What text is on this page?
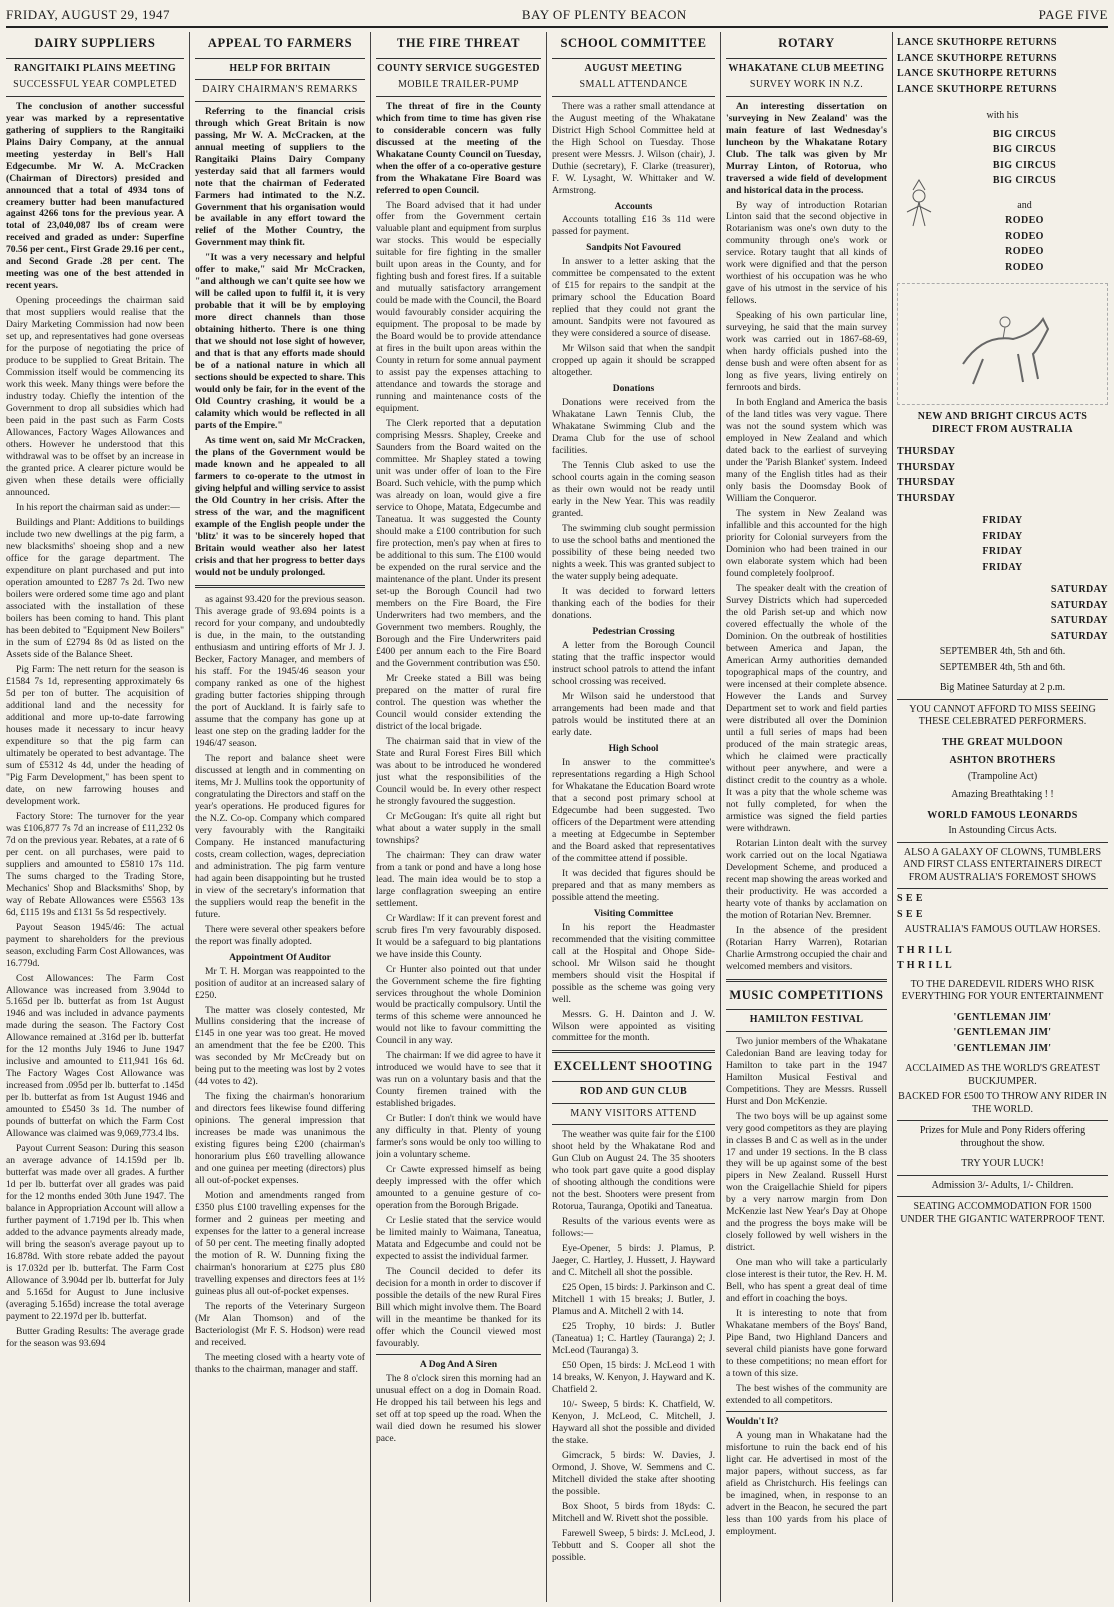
FRIDAY, AUGUST 29, 1947	BAY OF PLENTY BEACON	PAGE FIVE
DAIRY SUPPLIERS
RANGITAIKI PLAINS MEETING
SUCCESSFUL YEAR COMPLETED

The conclusion of another successful year was marked by a representative gathering of suppliers to the Rangitaiki Plains Dairy Company, at the annual meeting yesterday in Bell's Hall Edgecumbe. Mr W. A. McCracken (Chairman of Directors) presided and announced that a total of 4934 tons of creamery butter had been manufactured against 4266 tons for the previous year. A total of 23,040,087 lbs of cream were received and graded as under: Superfine 70.56 per cent., First Grade 29.16 per cent., and Second Grade .28 per cent. The meeting was one of the best attended in recent years.

Opening proceedings the chairman said that most suppliers would realise that the Dairy Marketing Commission had now been set up, and representatives had gone overseas for the purpose of negotiating the price of produce to be supplied to Great Britain. The Commission itself would be commencing its work this week. Many things were before the industry today. Chiefly the intention of the Government to drop all subsidies which had been paid in the past such as Farm Costs Allowances, Factory Wages Allowances and others. However he understood that this withdrawal was to be offset by an increase in the granted price. A clearer picture would be given when these details were officially announced.

In his report the chairman said as under:—

Buildings and Plant: Additions to buildings include two new dwellings at the pig farm, a new blacksmiths' shoeing shop and a new office for the garage department. The expenditure on plant purchased and put into operation amounted to £287 7s 2d. Two new boilers were ordered some time ago and plant associated with the installation of these boilers has been coming to hand. This plant has been debited to "Equipment New Boilers" in the sum of £2794 8s 0d as listed on the Assets side of the Balance Sheet.

Pig Farm: The nett return for the season is £1584 7s 1d, representing approximately 6s 5d per ton of butter. The acquisition of additional land and the necessity for additional and more up-to-date farrowing houses made it necessary to incur heavy expenditure so that the pig farm can ultimately be operated to best advantage. The sum of £5312 4s 4d, under the heading of "Pig Farm Development," has been spent to date, on new farrowing houses and development work.

Factory Store: The turnover for the year was £106,877 7s 7d an increase of £11,232 0s 7d on the previous year. Rebates, at a rate of 6 per cent. on all purchases, were paid to suppliers and amounted to £5810 17s 11d. The sums charged to the Trading Store, Mechanics' Shop and Blacksmiths' Shop, by way of Rebate Allowances were £5563 13s 6d, £115 19s and £131 5s 5d respectively.

Payout Season 1945/46: The actual payment to shareholders for the previous season, excluding Farm Cost Allowances, was 16.779d.

Cost Allowances: The Farm Cost Allowance was increased from 3.904d to 5.165d per lb. butterfat as from 1st August 1946 and was included in advance payments made during the season. The Factory Cost Allowance remained at .316d per lb. butterfat for the 12 months July 1946 to June 1947 inclusive and amounted to £11,941 16s 6d. The Factory Wages Cost Allowance was increased from .095d per lb. butterfat to .145d per lb. butterfat as from 1st August 1946 and amounted to £5450 3s 1d. The number of pounds of butterfat on which the Farm Cost Allowance was claimed was 9,069,773.4 lbs.

Payout Current Season: During this season an average advance of 14.159d per lb. butterfat was made over all grades. A further 1d per lb. butterfat over all grades was paid for the 12 months ended 30th June 1947. The balance in Appropriation Account will allow a further payment of 1.719d per lb. This when added to the advance payments already made, will bring the season's average payout up to 16.878d. With store rebate added the payout is 17.032d per lb. butterfat. The Farm Cost Allowance of 3.904d per lb. butterfat for July and 5.165d for August to June inclusive (averaging 5.165d) increase the total average payment to 22.197d per lb. butterfat.

Butter Grading Results: The average grade for the season was 93.694

APPEAL TO FARMERS
HELP FOR BRITAIN
DAIRY CHAIRMAN'S REMARKS

Referring to the financial crisis through which Great Britain is now passing, Mr W. A. McCracken, at the annual meeting of suppliers to the Rangitaiki Plains Dairy Company yesterday said that all farmers would note that the chairman of Federated Farmers had intimated to the N.Z. Government that his organisation would be available in any effort toward the relief of the Mother Country, the Government may think fit.

"It was a very necessary and helpful offer to make," said Mr McCracken, "and although we can't quite see how we will be called upon to fulfil it, it is very probable that it will be by employing more direct channels than those obtaining hitherto. There is one thing that we should not lose sight of however, and that is that any efforts made should be of a national nature in which all sections should be expected to share. This would only be fair, for in the event of the Old Country crashing, it would be a calamity which would be reflected in all parts of the Empire."

As time went on, said Mr McCracken, the plans of the Government would be made known and he appealed to all farmers to co-operate to the utmost in giving helpful and willing service to assist the Old Country in her crisis. After the stress of the war, and the magnificent example of the English people under the 'blitz' it was to be sincerely hoped that Britain would weather also her latest crisis and that her progress to better days would not be unduly prolonged.

as against 93.420 for the previous season. This average grade of 93.694 points is a record for your company, and undoubtedly is due, in the main, to the outstanding enthusiasm and untiring efforts of Mr J. J. Becker, Factory Manager, and members of his staff. For the 1945/46 season your company ranked as one of the highest grading butter factories shipping through the port of Auckland. It is fairly safe to assume that the company has gone up at least one step on the grading ladder for the 1946/47 season.

The report and balance sheet were discussed at length and in commenting on items, Mr J. Mullins took the opportunity of congratulating the Directors and staff on the year's operations. He produced figures for the N.Z. Co-op. Company which compared very favourably with the Rangitaiki Company. He instanced manufacturing costs, cream collection, wages, depreciation and administration. The pig farm venture had again been disappointing but he trusted in view of the secretary's information that the suppliers would reap the benefit in the future.

There were several other speakers before the report was finally adopted.

Appointment Of Auditor

Mr T. H. Morgan was reappointed to the position of auditor at an increased salary of £250.

The matter was closely contested, Mr Mullins considering that the increase of £145 in one year was too great. He moved an amendment that the fee be £200. This was seconded by Mr McCready but on being put to the meeting was lost by 2 votes (44 votes to 42).

The fixing the chairman's honorarium and directors fees likewise found differing opinions. The general impression that increases be made was unanimous the existing figures being £200 (chairman's honorarium plus £60 travelling allowance and one guinea per meeting (directors) plus all out-of-pocket expenses.

Motion and amendments ranged from £350 plus £100 travelling expenses for the former and 2 guineas per meeting and expenses for the latter to a general increase of 50 per cent. The meeting finally adopted the motion of R. W. Dunning fixing the chairman's honorarium at £275 plus £80 travelling expenses and directors fees at 1½ guineas plus all out-of-pocket expenses.

The reports of the Veterinary Surgeon (Mr Alan Thomson) and of the Bacteriologist (Mr F. S. Hodson) were read and received.

The meeting closed with a hearty vote of thanks to the chairman, manager and staff.

THE FIRE THREAT
COUNTY SERVICE SUGGESTED
MOBILE TRAILER-PUMP

The threat of fire in the County which from time to time has given rise to considerable concern was fully discussed at the meeting of the Whakatane County Council on Tuesday, when the offer of a co-operative gesture from the Whakatane Fire Board was referred to open Council.

The Board advised that it had under offer from the Government certain valuable plant and equipment from surplus war stocks. This would be especially suitable for fire fighting in the smaller built upon areas in the County, and for fighting bush and forest fires. If a suitable and mutually satisfactory arrangement could be made with the Council, the Board would favourably consider acquiring the equipment. The proposal to be made by the Board would be to provide attendance at fires in the built upon areas within the County in return for some annual payment to assist pay the expenses attaching to attendance and towards the storage and running and maintenance costs of the equipment.

The Clerk reported that a deputation comprising Messrs. Shapley, Creeke and Saunders from the Board waited on the committee. Mr Shapley stated a towing unit was under offer of loan to the Fire Board. Such vehicle, with the pump which was already on loan, would give a fire service to Ohope, Matata, Edgecumbe and Taneatua. It was suggested the County should make a £100 contribution for such fire protection, men's pay when at fires to be additional to this sum. The £100 would be expended on the rural service and the maintenance of the plant. Under its present set-up the Borough Council had two members on the Fire Board, the Fire Underwriters had two members, and the Government two members. Roughly, the Borough and the Fire Underwriters paid £400 per annum each to the Fire Board and the Government contribution was £50.

Mr Creeke stated a Bill was being prepared on the matter of rural fire control. The question was whether the Council would consider extending the district of the local brigade.

The chairman said that in view of the State and Rural Forest Fires Bill which was about to be introduced he wondered just what the responsibilities of the Council would be. In every other respect he strongly favoured the suggestion.

Cr McGougan: It's quite all right but what about a water supply in the small townships?

The chairman: They can draw water from a tank or pond and have a long hose lead. The main idea would be to stop a large conflagration sweeping an entire settlement.

Cr Wardlaw: If it can prevent forest and scrub fires I'm very favourably disposed. It would be a safeguard to big plantations we have inside this County.

Cr Hunter also pointed out that under the Government scheme the fire fighting services throughout the whole Dominion would be practically compulsory. Until the terms of this scheme were announced he would not like to favour committing the Council in any way.

The chairman: If we did agree to have it introduced we would have to see that it was run on a voluntary basis and that the County firemen trained with the established brigades.

Cr Butler: I don't think we would have any difficulty in that. Plenty of young farmer's sons would be only too willing to join a voluntary scheme.

Cr Cawte expressed himself as being deeply impressed with the offer which amounted to a genuine gesture of co-operation from the Borough Brigade.

Cr Leslie stated that the service would be limited mainly to Waimana, Taneatua, Matata and Edgecumbe and could not be expected to assist the individual farmer.

The Council decided to defer its decision for a month in order to discover if possible the details of the new Rural Fires Bill which might involve them. The Board will in the meantime be thanked for its offer which the Council viewed most favourably.

A Dog And A Siren

The 8 o'clock siren this morning had an unusual effect on a dog in Domain Road. He dropped his tail between his legs and set off at top speed up the road. When the wail died down he resumed his slower pace.

SCHOOL COMMITTEE
AUGUST MEETING
SMALL ATTENDANCE

There was a rather small attendance at the August meeting of the Whakatane District High School Committee held at the High School on Tuesday. Those present were Messrs. J. Wilson (chair), J. Duthie (secretary), F. Clarke (treasurer), F. W. Lysaght, W. Whittaker and W. Armstrong.

Accounts

Accounts totalling £16 3s 11d were passed for payment.

Sandpits Not Favoured

In answer to a letter asking that the committee be compensated to the extent of £15 for repairs to the sandpit at the primary school the Education Board replied that they could not grant the amount. Sandpits were not favoured as they were considered a source of disease.

Mr Wilson said that when the sandpit cropped up again it should be scrapped altogether.

Donations

Donations were received from the Whakatane Lawn Tennis Club, the Whakatane Swimming Club and the Drama Club for the use of school facilities.

The Tennis Club asked to use the school courts again in the coming season as their own would not be ready until early in the New Year. This was readily granted.

The swimming club sought permission to use the school baths and mentioned the possibility of these being needed two nights a week. This was granted subject to the water supply being adequate.

It was decided to forward letters thanking each of the bodies for their donations.

Pedestrian Crossing

A letter from the Borough Council stating that the traffic inspector would instruct school patrols to attend the infant school crossing was received.

Mr Wilson said he understood that arrangements had been made and that patrols would be instituted there at an early date.

High School

In answer to the committee's representations regarding a High School for Whakatane the Education Board wrote that a second post primary school at Edgecumbe had been suggested. Two officers of the Department were attending a meeting at Edgecumbe in September and the Board asked that representatives of the committee attend if possible.

It was decided that figures should be prepared and that as many members as possible attend the meeting.

Visiting Committee

In his report the Headmaster recommended that the visiting committee call at the Hospital and Ohope Side-school. Mr Wilson said he thought members should visit the Hospital if possible as the scheme was going very well.

Messrs. G. H. Dainton and J. W. Wilson were appointed as visiting committee for the month.

EXCELLENT SHOOTING
ROD AND GUN CLUB
MANY VISITORS ATTEND

The weather was quite fair for the £100 shoot held by the Whakatane Rod and Gun Club on August 24. The 35 shooters who took part gave quite a good display of shooting although the conditions were not the best. Shooters were present from Rotorua, Tauranga, Opotiki and Taneatua.

Results of the various events were as follows:—

Eye-Opener, 5 birds: J. Plamus, P. Jaeger, C. Hartley, J. Hussett, J. Hayward and C. Mitchell all shot the possible.

£25 Open, 15 birds: J. Parkinson and C. Mitchell 1 with 15 breaks; J. Butler, J. Plamus and A. Mitchell 2 with 14.

£25 Trophy, 10 birds: J. Butler (Taneatua) 1; C. Hartley (Tauranga) 2; J. McLeod (Tauranga) 3.

£50 Open, 15 birds: J. McLeod 1 with 14 breaks, W. Kenyon, J. Hayward and K. Chatfield 2.

10/- Sweep, 5 birds: K. Chatfield, W. Kenyon, J. McLeod, C. Mitchell, J. Hayward all shot the possible and divided the stake.

Gimcrack, 5 birds: W. Davies, J. Ormond, J. Shove, W. Semmens and C. Mitchell divided the stake after shooting the possible.

Box Shoot, 5 birds from 18yds: C. Mitchell and W. Rivett shot the possible.

Farewell Sweep, 5 birds: J. McLeod, J. Tebbutt and S. Cooper all shot the possible.

ROTARY
WHAKATANE CLUB MEETING
SURVEY WORK IN N.Z.

An interesting dissertation on 'surveying in New Zealand' was the main feature of last Wednesday's luncheon by the Whakatane Rotary Club. The talk was given by Mr Murray Linton, of Rotorua, who traversed a wide field of development and historical data in the process.

By way of introduction Rotarian Linton said that the second objective in Rotarianism was one's own duty to the community through one's work or service. Rotary taught that all kinds of work were dignified and that the person worthiest of his occupation was he who gave of his utmost in the service of his fellows.

Speaking of his own particular line, surveying, he said that the main survey work was carried out in 1867-68-69, when hardy officials pushed into the dense bush and were often absent for as long as five years, living entirely on fernroots and birds.

In both England and America the basis of the land titles was very vague. There was not the sound system which was employed in New Zealand and which dated back to the earliest of surveying under the 'Parish Blanket' system. Indeed many of the English titles had as their only basis the Doomsday Book of William the Conqueror.

The system in New Zealand was infallible and this accounted for the high priority for Colonial surveyers from the Dominion who had been trained in our own elaborate system which had been found completely foolproof.

The speaker dealt with the creation of Survey Districts which had superceded the old Parish set-up and which now covered effectually the whole of the Dominion. On the outbreak of hostilities between America and Japan, the American Army authorities demanded topographical maps of the country, and were incensed at their complete absence. However the Lands and Survey Department set to work and field parties were distributed all over the Dominion until a full series of maps had been produced of the main strategic areas, which he claimed were practically without peer anywhere, and were a distinct credit to the country as a whole. It was a pity that the whole scheme was not fully completed, for when the armistice was signed the field parties were withdrawn.

Rotarian Linton dealt with the survey work carried out on the local Ngatiawa Development Scheme, and produced a recent map showing the areas worked and their productivity. He was accorded a hearty vote of thanks by acclamation on the motion of Rotarian Nev. Bremner.

In the absence of the president (Rotarian Harry Warren), Rotarian Charlie Armstrong occupied the chair and welcomed members and visitors.

MUSIC COMPETITIONS
HAMILTON FESTIVAL

Two junior members of the Whakatane Caledonian Band are leaving today for Hamilton to take part in the 1947 Hamilton Musical Festival and Competitions. They are Messrs. Russell Hurst and Don McKenzie.

The two boys will be up against some very good competitors as they are playing in classes B and C as well as in the under 17 and under 19 sections. In the B class they will be up against some of the best pipers in New Zealand. Russell Hurst won the Craigellachie Shield for pipers by a very narrow margin from Don McKenzie last New Year's Day at Ohope and the progress the boys make will be closely followed by well wishers in the district.

One man who will take a particularly close interest is their tutor, the Rev. H. M. Bell, who has spent a great deal of time and effort in coaching the boys.

It is interesting to note that from Whakatane members of the Boys' Band, Pipe Band, two Highland Dancers and several child pianists have gone forward to these competitions; no mean effort for a town of this size.

The best wishes of the community are extended to all competitors.

Wouldn't It?

A young man in Whakatane had the misfortune to ruin the back end of his light car. He advertised in most of the major papers, without success, as far afield as Christchurch. His feelings can be imagined, when, in response to an advert in the Beacon, he secured the part less than 100 yards from his place of employment.

LANCE SKUTHORPE RETURNS
LANCE SKUTHORPE RETURNS
LANCE SKUTHORPE RETURNS
LANCE SKUTHORPE RETURNS
with his
BIG CIRCUS
BIG CIRCUS
BIG CIRCUS
BIG CIRCUS
and
RODEO
RODEO
RODEO
RODEO
NEW AND BRIGHT CIRCUS ACTS DIRECT FROM AUSTRALIA
THURSDAY
THURSDAY
THURSDAY
THURSDAY
FRIDAY
FRIDAY
FRIDAY
FRIDAY
SATURDAY
SATURDAY
SATURDAY
SATURDAY
SEPTEMBER 4th, 5th and 6th.
SEPTEMBER 4th, 5th and 6th.
Big Matinee Saturday at 2 p.m.
YOU CANNOT AFFORD TO MISS SEEING THESE CELEBRATED PERFORMERS.
THE GREAT MULDOON
ASHTON BROTHERS
(Trampoline Act)
Amazing Breathtaking ! !
WORLD FAMOUS LEONARDS
In Astounding Circus Acts.
ALSO A GALAXY OF CLOWNS, TUMBLERS AND FIRST CLASS ENTERTAINERS DIRECT FROM AUSTRALIA'S FOREMOST SHOWS
S E E
S E E
AUSTRALIA'S FAMOUS OUTLAW HORSES.
T H R I L L
T H R I L L
TO THE DAREDEVIL RIDERS WHO RISK EVERYTHING FOR YOUR ENTERTAINMENT
'GENTLEMAN JIM'
'GENTLEMAN JIM'
'GENTLEMAN JIM'
ACCLAIMED AS THE WORLD'S GREATEST BUCKJUMPER.
BACKED FOR £500 TO THROW ANY RIDER IN THE WORLD.
Prizes for Mule and Pony Riders offering throughout the show.
TRY YOUR LUCK!
Admission 3/- Adults, 1/- Children.
SEATING ACCOMMODATION FOR 1500 UNDER THE GIGANTIC WATERPROOF TENT.
